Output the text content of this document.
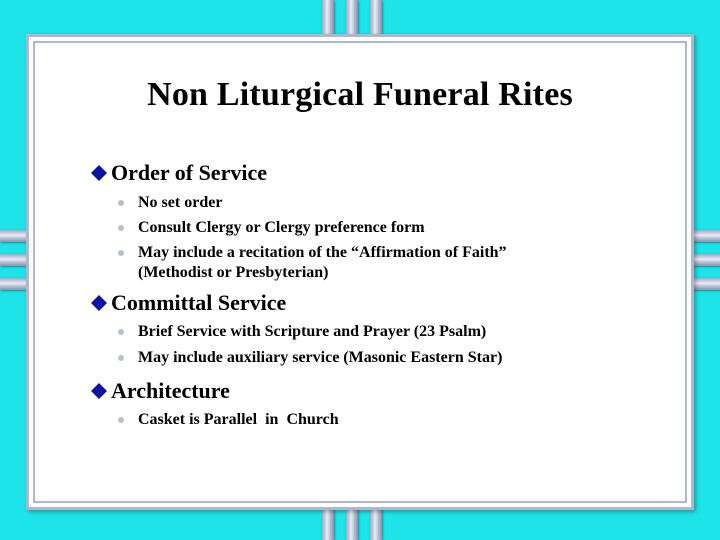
Non Liturgical Funeral Rites
Order of Service
No set order
Consult Clergy or Clergy preference form
May include a recitation of the “Affirmation of Faith”
(Methodist or Presbyterian)
Committal Service
Brief Service with Scripture and Prayer (23 Psalm)
May include auxiliary service (Masonic Eastern Star)
Architecture
Casket is Parallel  in  Church
